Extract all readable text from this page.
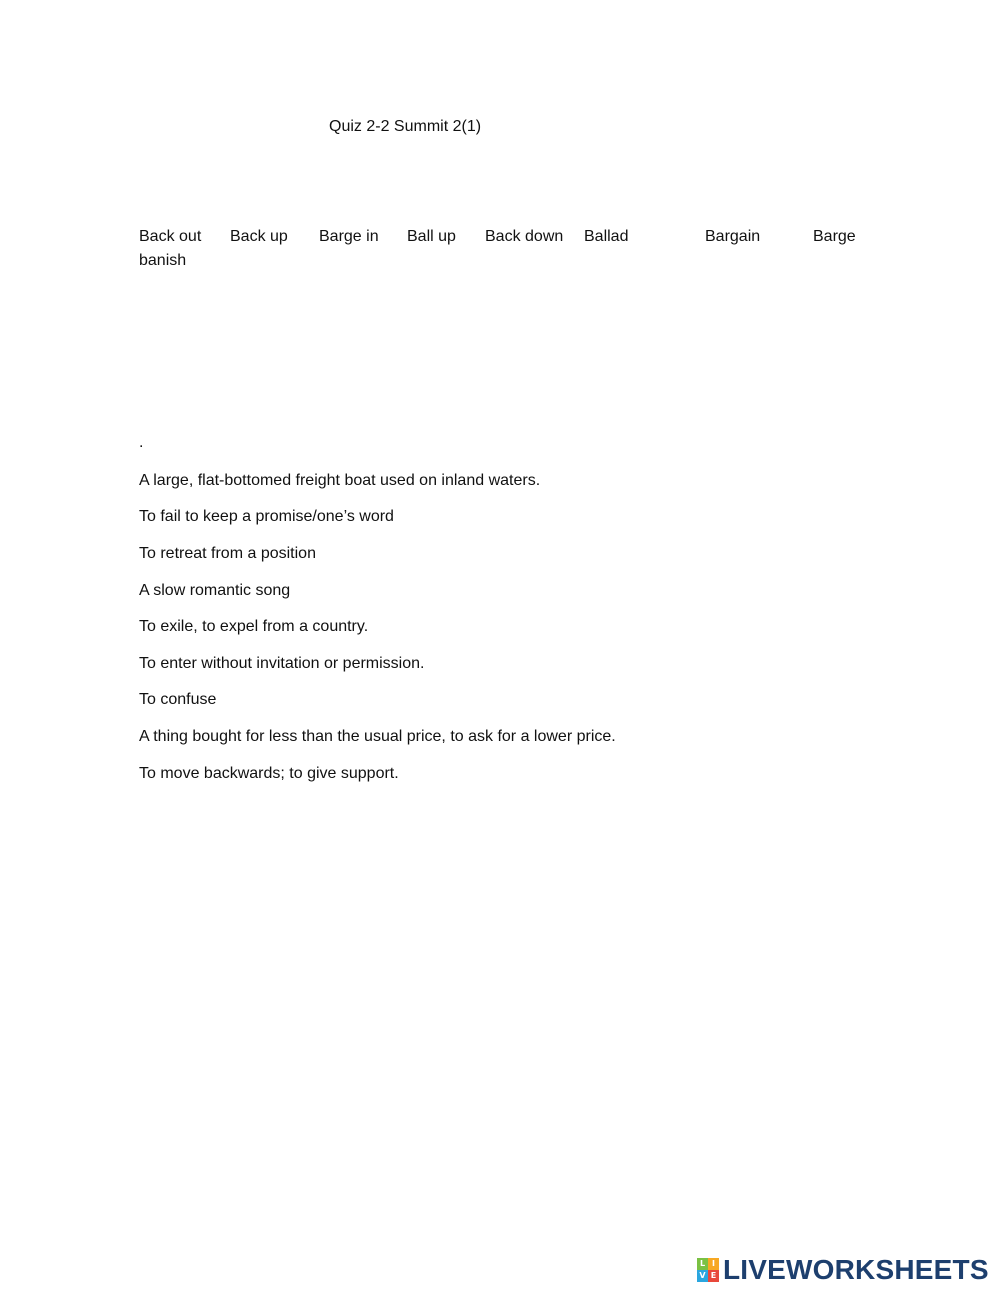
Quiz 2-2 Summit 2(1)
Back out Back up Barge in Ball up Back down Ballad	Bargain	Barge
banish
.
A large, flat-bottomed freight boat used on inland waters.
To fail to keep a promise/one’s word
To retreat from a position
A slow romantic song
To exile, to expel from a country.
To enter without invitation or permission.
To confuse
A thing bought for less than the usual price, to ask for a lower price.
To move backwards; to give support.
L I
V E LIVEWORKSHEETS
